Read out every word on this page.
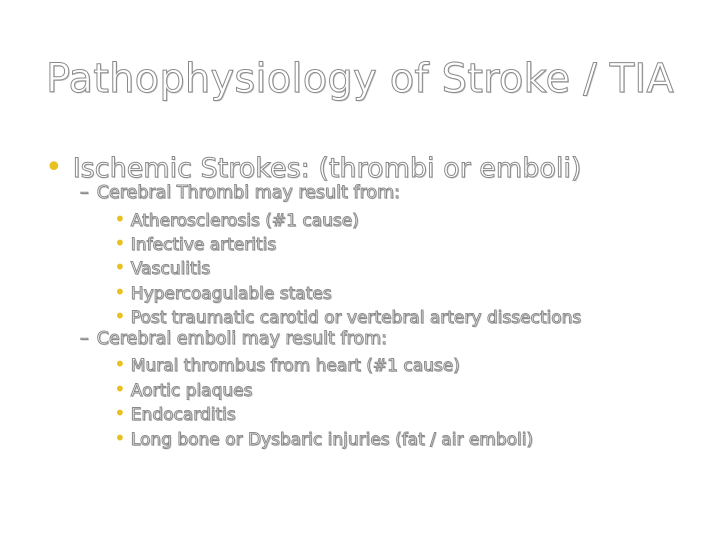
Pathophysiology of Stroke / TIA
• Ischemic Strokes: (thrombi or emboli)
– Cerebral Thrombi may result from:
• Atherosclerosis (#1 cause)
• Infective arteritis
• Vasculitis
• Hypercoagulable states
• Post traumatic carotid or vertebral artery dissections
– Cerebral emboli may result from:
• Mural thrombus from heart (#1 cause)
• Aortic plaques
• Endocarditis
• Long bone or Dysbaric injuries (fat / air emboli)
